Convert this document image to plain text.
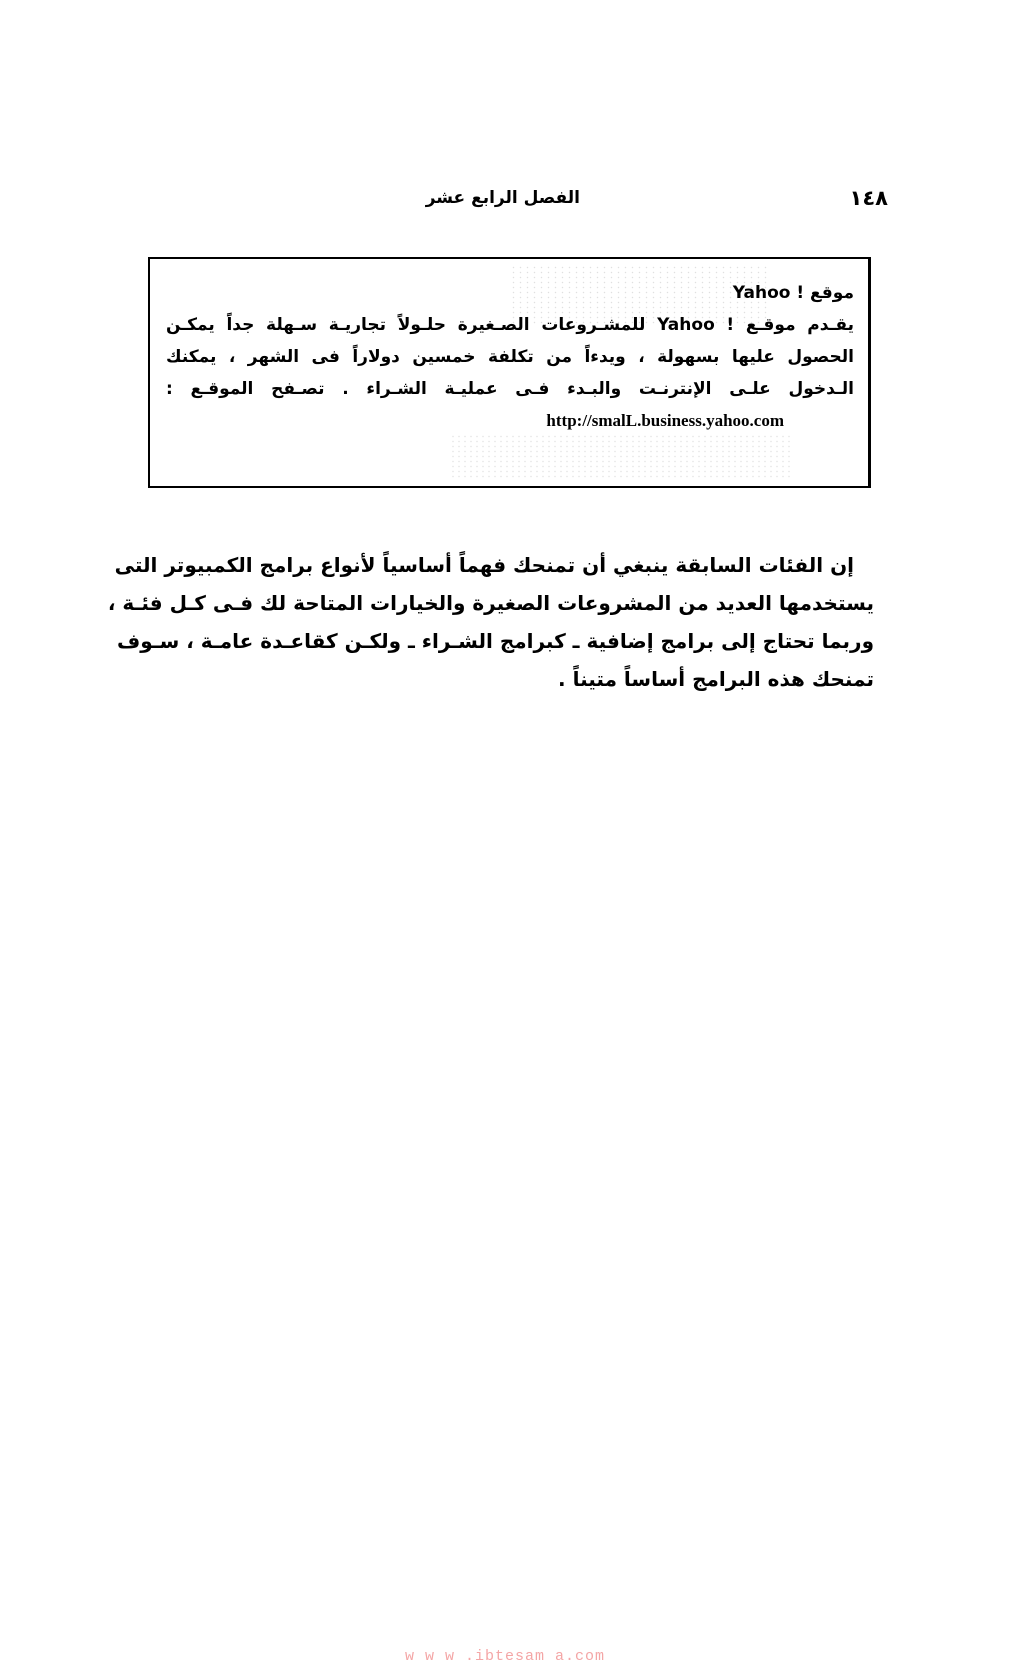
١٤٨
الفصل الرابع عشر
موقع ! Yahoo
يقـدم موقـع ! Yahoo للمشـروعات الصـغيرة حلـولاً تجاريـة سـهلة جداً يمكـن
الحصول عليها بسهولة ، ويدءاً من تكلفة خمسين دولاراً فى الشهر ، يمكنك
الـدخول علـى الإنترنـت والبـدء فـى عمليـة الشـراء . تصـفح الموقـع :
http://smalL.business.yahoo.com
إن الفئات السابقة ينبغي أن تمنحك فهماً أساسياً لأنواع برامج الكمبيوتر التى
يستخدمها العديد من المشروعات الصغيرة والخيارات المتاحة لك فـى كـل فئـة ،
وربما تحتاج إلى برامج إضافية ـ كبرامج الشـراء ـ ولكـن كقاعـدة عامـة ، سـوف
تمنحك هذه البرامج أساساً متيناً .
w w w .ibtesam a.com
